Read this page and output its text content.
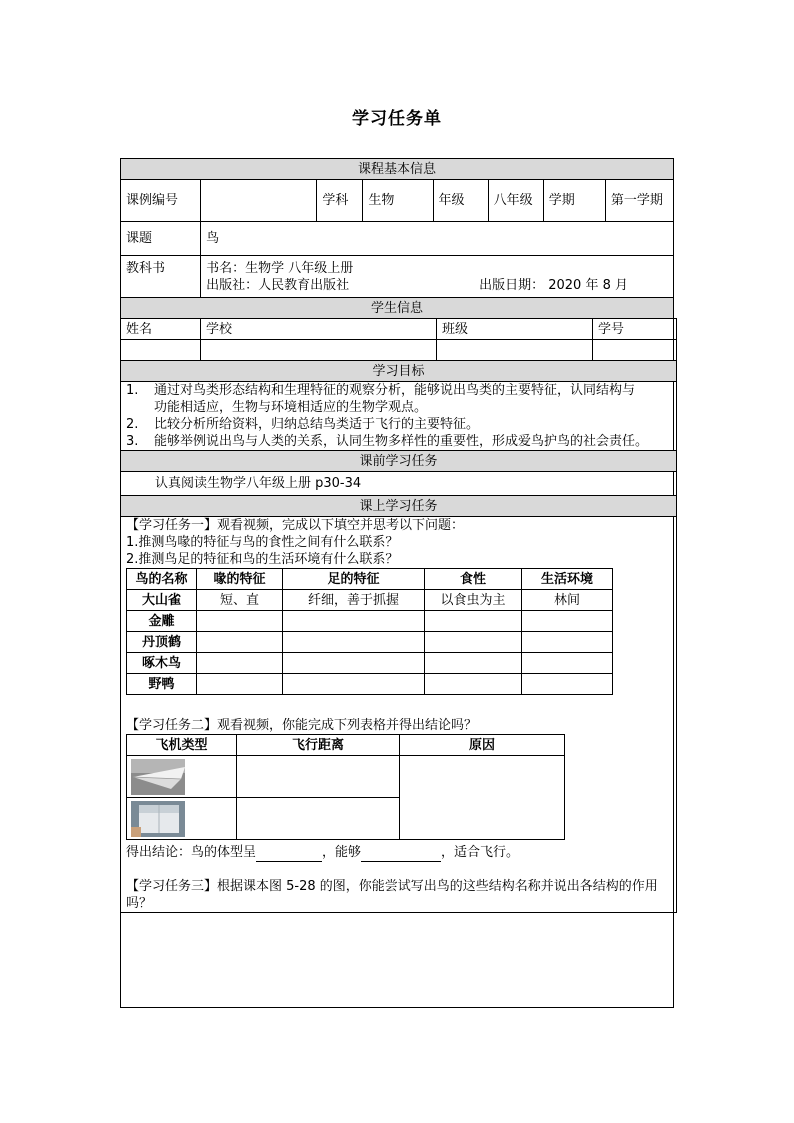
学习任务单
课程基本信息							
课例编号		学科	生物	年级	八年级	学期	第一学期
课题	鸟						
教科书	书名：生物学 八年级上册
出版社：人民教育出版社 出版日期： 2020 年 8 月						

学生信息							
姓名	学校	班级	学号

学习目标

1. 通过对鸟类形态结构和生理特征的观察分析，能够说出鸟类的主要特征，认同结构与
功能相适应，生物与环境相适应的生物学观点。
2. 比较分析所给资料，归纳总结鸟类适于飞行的主要特征。
3. 能够举例说出鸟与人类的关系，认同生物多样性的重要性，形成爱鸟护鸟的社会责任。

课前学习任务
认真阅读生物学八年级上册 p30-34
课上学习任务

【学习任务一】观看视频，完成以下填空并思考以下问题：
1.推测鸟喙的特征与鸟的食性之间有什么联系？
2.推测鸟足的特征和鸟的生活环境有什么联系？
鸟的名称	喙的特征	足的特征	食性	生活环境
大山雀	短、直	纤细，善于抓握	以食虫为主	林间
金雕				
丹顶鹤				
啄木鸟				
野鸭				
【学习任务二】观看视频，你能完成下列表格并得出结论吗？
飞机类型	飞行距离	原因

得出结论：鸟的体型呈	，能够	，适合飞行。
【学习任务三】根据课本图 5-28 的图，你能尝试写出鸟的这些结构名称并说出各结构的作用吗？
